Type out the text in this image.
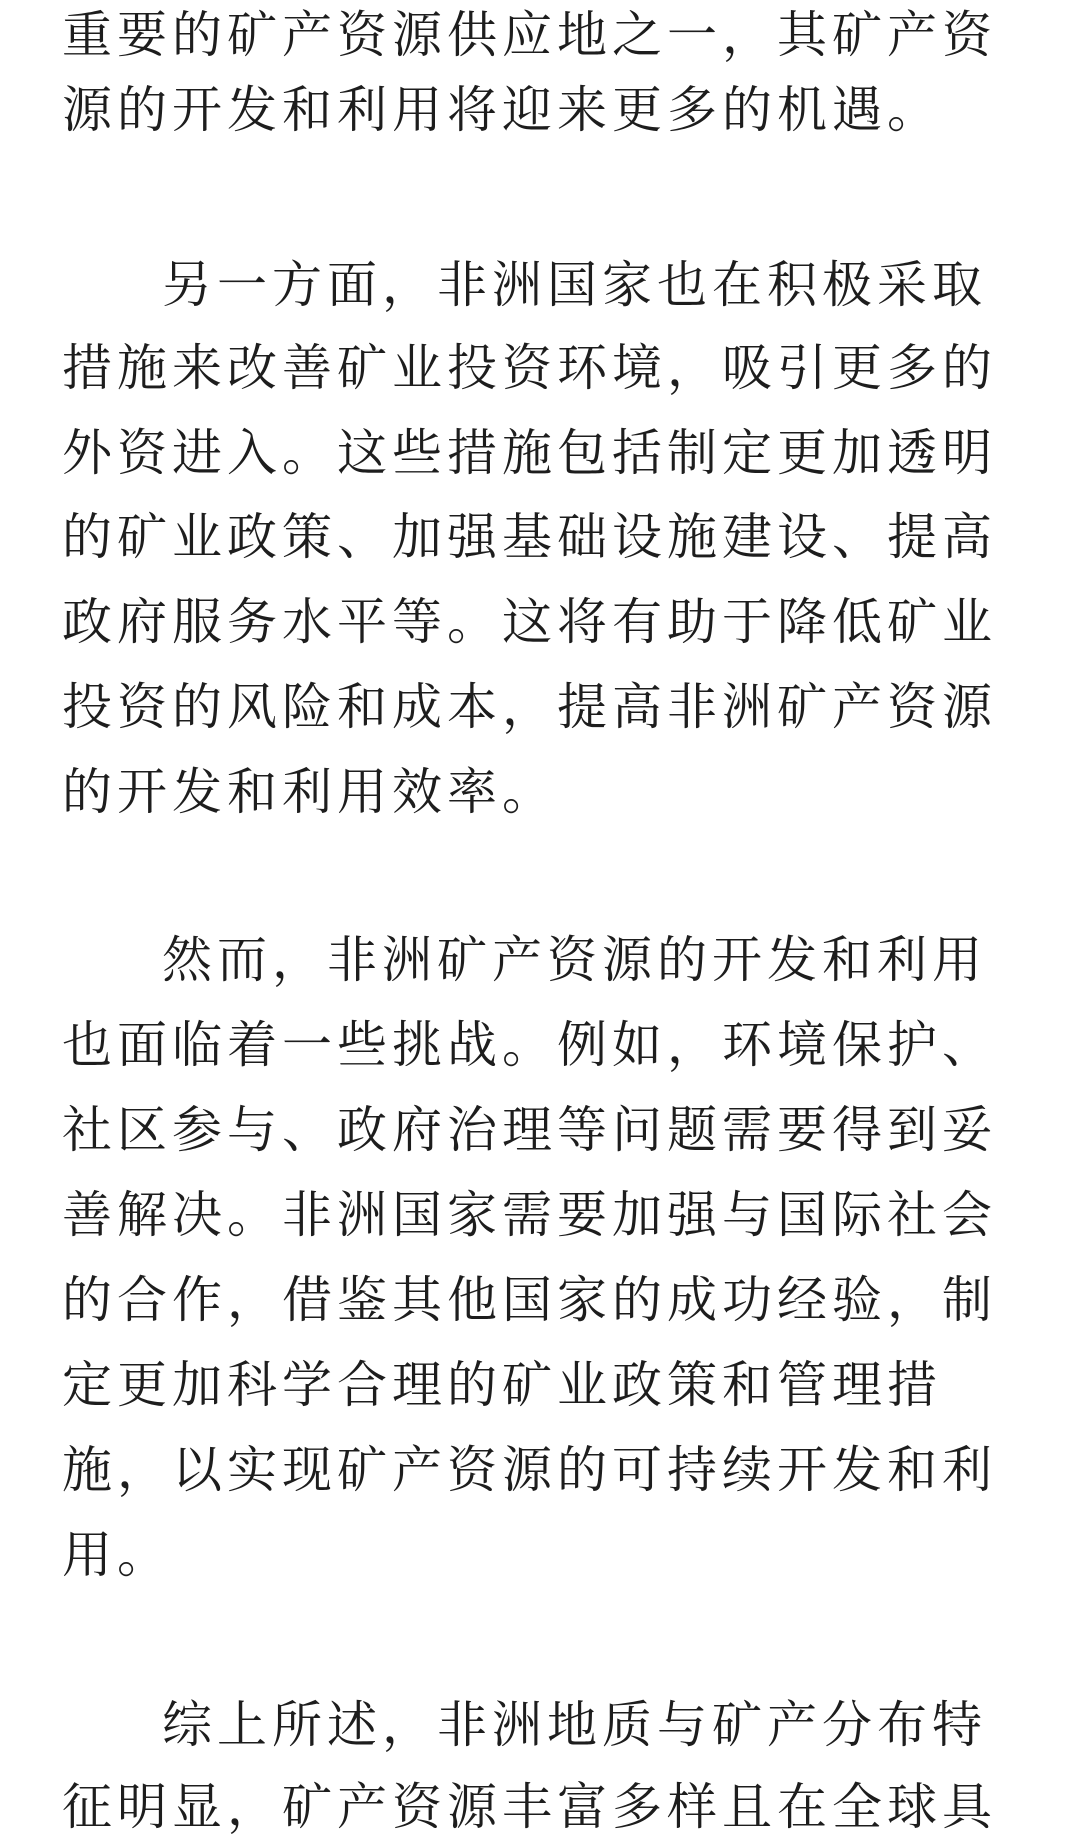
重要的矿产资源供应地之一，其矿产资
源的开发和利用将迎来更多的机遇。
另一方面，非洲国家也在积极采取
措施来改善矿业投资环境，吸引更多的
外资进入。这些措施包括制定更加透明
的矿业政策、加强基础设施建设、提高
政府服务水平等。这将有助于降低矿业
投资的风险和成本，提高非洲矿产资源
的开发和利用效率。
然而，非洲矿产资源的开发和利用
也面临着一些挑战。例如，环境保护、
社区参与、政府治理等问题需要得到妥
善解决。非洲国家需要加强与国际社会
的合作，借鉴其他国家的成功经验，制
定更加科学合理的矿业政策和管理措
施，以实现矿产资源的可持续开发和利
用。
综上所述，非洲地质与矿产分布特
征明显，矿产资源丰富多样且在全球具
